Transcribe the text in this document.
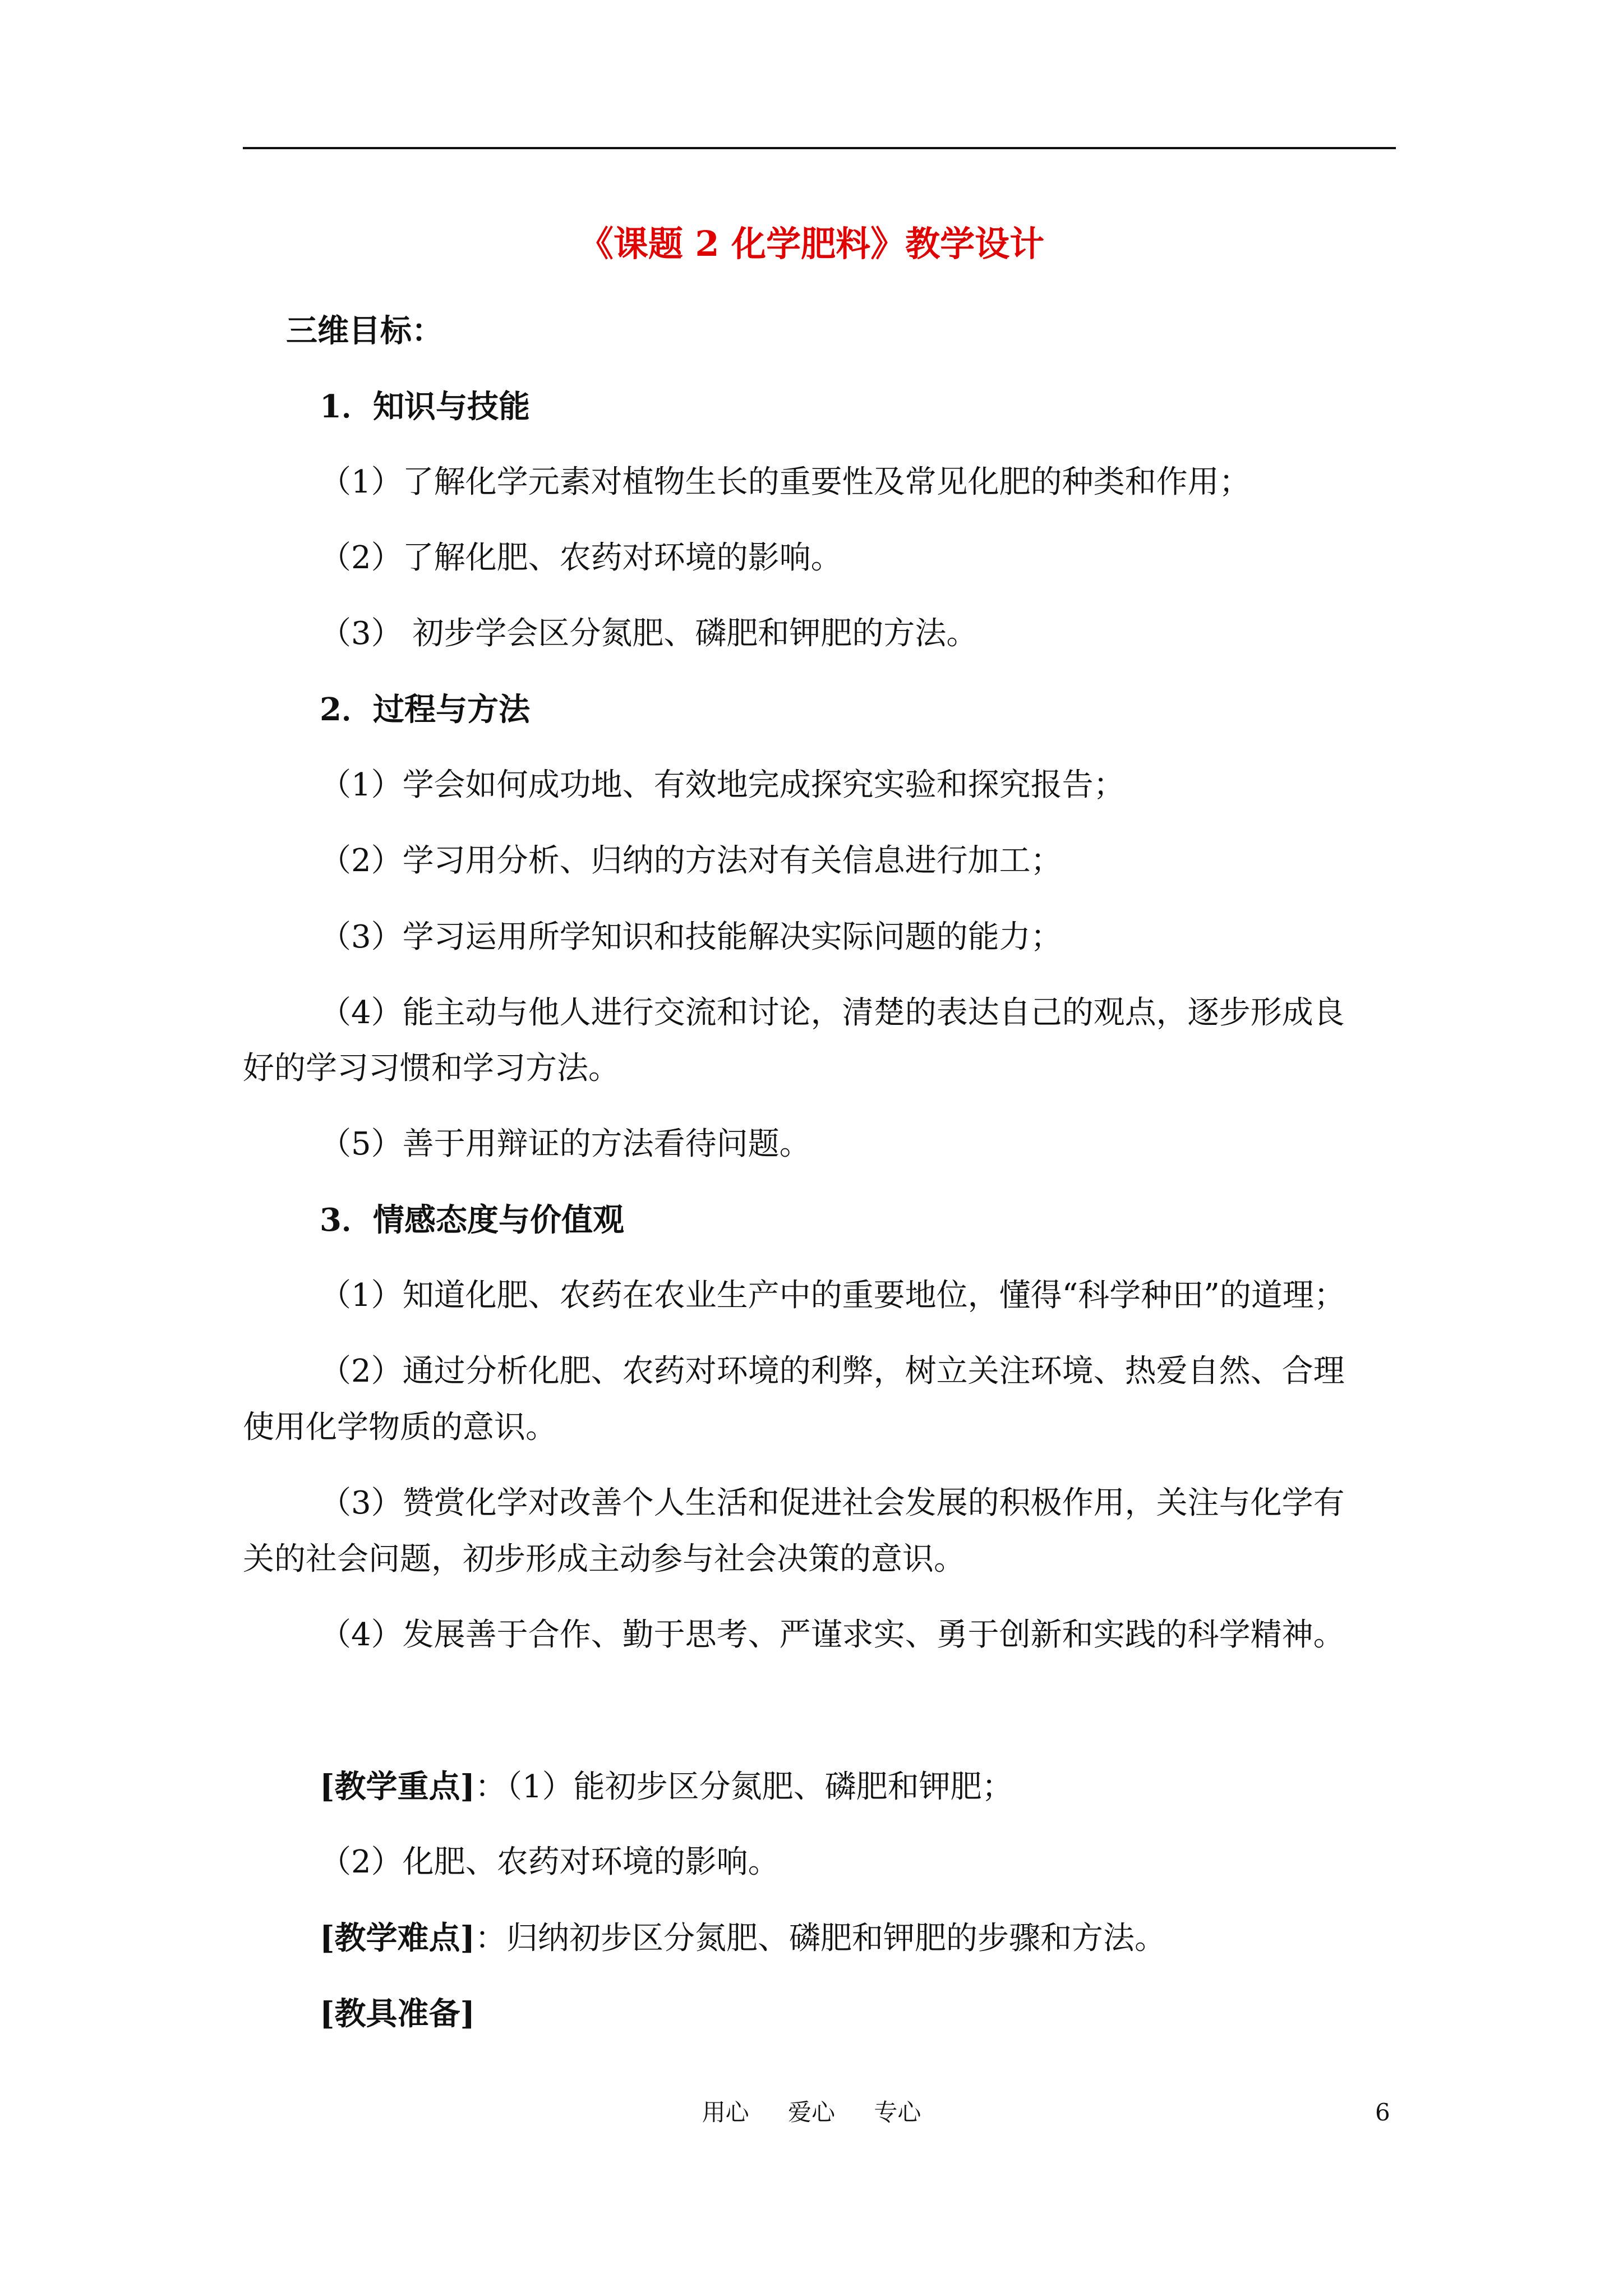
《课题 2 化学肥料》教学设计
三维目标：
1．知识与技能
（1）了解化学元素对植物生长的重要性及常见化肥的种类和作用；
（2）了解化肥、农药对环境的影响。
（3） 初步学会区分氮肥、磷肥和钾肥的方法。
2．过程与方法
（1）学会如何成功地、有效地完成探究实验和探究报告；
（2）学习用分析、归纳的方法对有关信息进行加工；
（3）学习运用所学知识和技能解决实际问题的能力；
（4）能主动与他人进行交流和讨论，清楚的表达自己的观点，逐步形成良
好的学习习惯和学习方法。
（5）善于用辩证的方法看待问题。
3．情感态度与价值观
（1）知道化肥、农药在农业生产中的重要地位，懂得“科学种田”的道理；
（2）通过分析化肥、农药对环境的利弊，树立关注环境、热爱自然、合理
使用化学物质的意识。
（3）赞赏化学对改善个人生活和促进社会发展的积极作用，关注与化学有
关的社会问题，初步形成主动参与社会决策的意识。
（4）发展善于合作、勤于思考、严谨求实、勇于创新和实践的科学精神。
[教学重点]：（1）能初步区分氮肥、磷肥和钾肥；
（2）化肥、农药对环境的影响。
[教学难点]：归纳初步区分氮肥、磷肥和钾肥的步骤和方法。
[教具准备]
用心 爱心 专心	6
